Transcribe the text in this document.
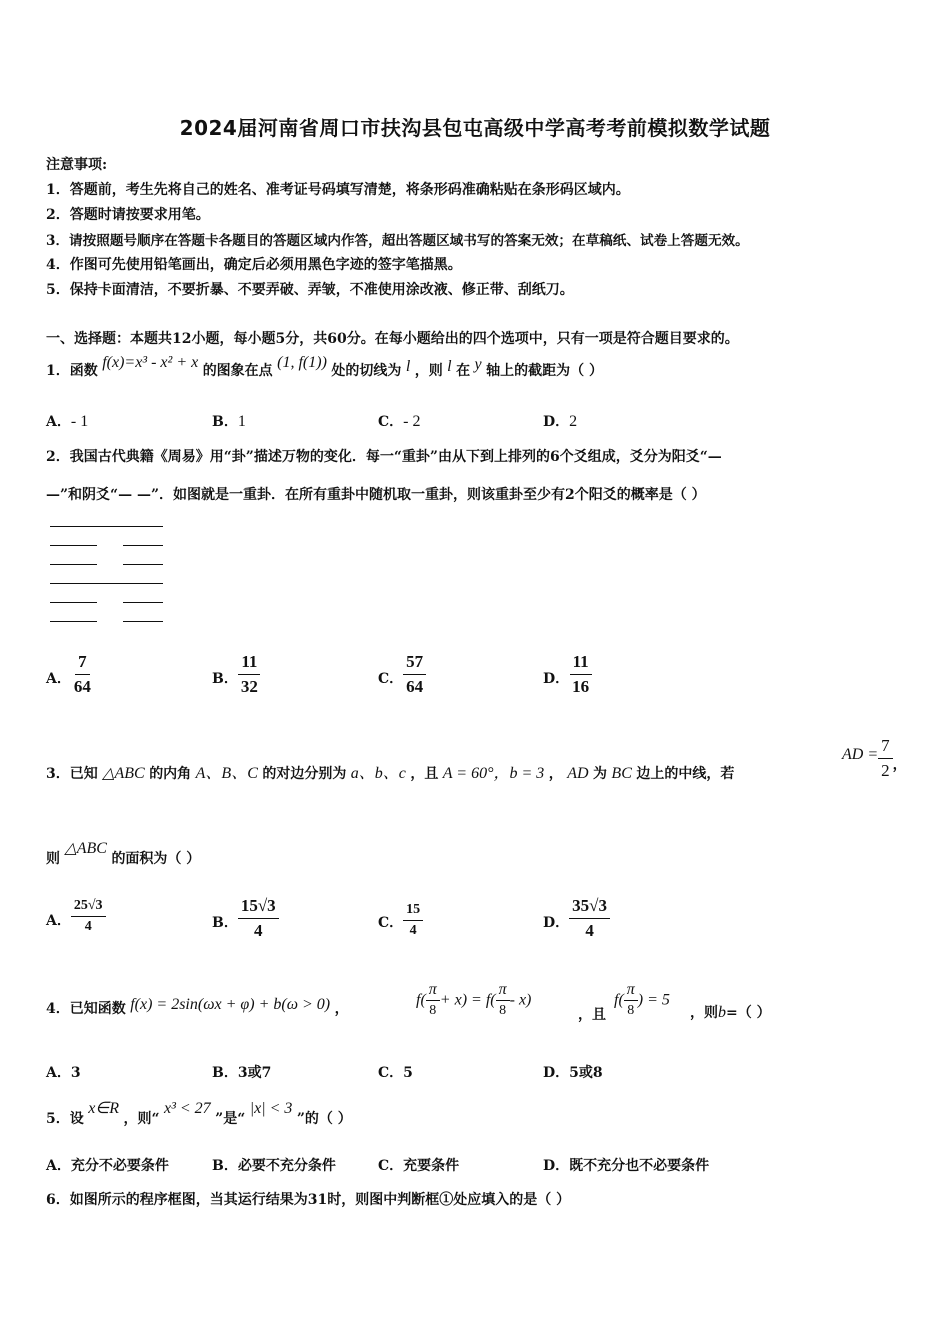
2024届河南省周口市扶沟县包屯高级中学高考考前模拟数学试题
注意事项:
1．答题前，考生先将自己的姓名、准考证号码填写清楚，将条形码准确粘贴在条形码区域内。
2．答题时请按要求用笔。
3．请按照题号顺序在答题卡各题目的答题区域内作答，超出答题区域书写的答案无效；在草稿纸、试卷上答题无效。
4．作图可先使用铅笔画出，确定后必须用黑色字迹的签字笔描黑。
5．保持卡面清洁，不要折暴、不要弄破、弄皱，不准使用涂改液、修正带、刮纸刀。
一、选择题：本题共12小题，每小题5分，共60分。在每小题给出的四个选项中，只有一项是符合题目要求的。
1．函数 f(x)=x³ - x² + x 的图象在点 (1, f(1)) 处的切线为 l ，则 l 在 y 轴上的截距为（ ）
A．- 1	B．1	C．- 2	D．2
2．我国古代典籍《周易》用“卦”描述万物的变化．每一“重卦”由从下到上排列的6个爻组成，爻分为阳爻“—
—”和阴爻“— —”．如图就是一重卦．在所有重卦中随机取一重卦，则该重卦至少有2个阳爻的概率是（ ）
A． $\frac{7}{64}$	B． $\frac{11}{32}$	C． $\frac{57}{64}$	D． $\frac{11}{16}$
3．已知 △ABC 的内角 A、B、C 的对边分别为 a、b、c ，且 A = 60°，b = 3 ， AD 为 BC 边上的中线，若
AD = $\frac{7}{2}$ ，
则 △ABC 的面积为（ ）
A． $\frac{25√3}{4}$	B． $\frac{15√3}{4}$	C． $\frac{15}{4}$	D． $\frac{35√3}{4}$
4．已知函数 f(x) = 2sin(ωx + φ) + b(ω > 0) ，
$f( \frac{\pi}{8} + x) = f( \frac{\pi}{8} - x)$
，且
$f( \frac{\pi}{8}$ ) = 5
，则b=（ ）
A．3	B．3或7	C．5	D．5或8
5．设 x∈R ，则“ x³ < 27 ”是“ |x| < 3 ”的（ ）
A．充分不必要条件	B．必要不充分条件	C．充要条件	D．既不充分也不必要条件
6．如图所示的程序框图，当其运行结果为31时，则图中判断框①处应填入的是（ ）
